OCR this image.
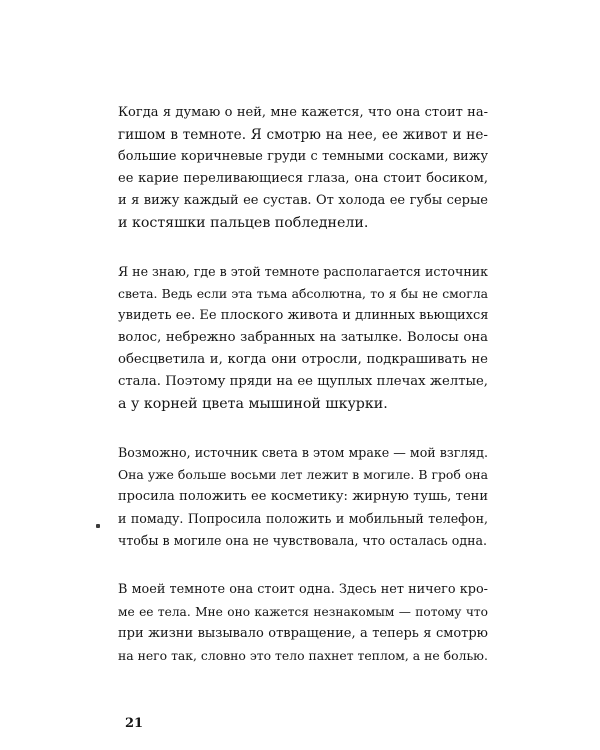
Когда я думаю о ней, мне кажется, что она стоит на-
гишом в темноте. Я смотрю на нее, ее живот и не-
большие коричневые груди с темными сосками, вижу
ее карие переливающиеся глаза, она стоит босиком,
и я вижу каждый ее сустав. От холода ее губы серые
и костяшки пальцев побледнели.
Я не знаю, где в этой темноте располагается источник
света. Ведь если эта тьма абсолютна, то я бы не смогла
увидеть ее. Ее плоского живота и длинных вьющихся
волос, небрежно забранных на затылке. Волосы она
обесцветила и, когда они отросли, подкрашивать не
стала. Поэтому пряди на ее щуплых плечах желтые,
а у корней цвета мышиной шкурки.
Возможно, источник света в этом мраке — мой взгляд.
Она уже больше восьми лет лежит в могиле. В гроб она
просила положить ее косметику: жирную тушь, тени
и помаду. Попросила положить и мобильный телефон,
чтобы в могиле она не чувствовала, что осталась одна.
В моей темноте она стоит одна. Здесь нет ничего кро-
ме ее тела. Мне оно кажется незнакомым — потому что
при жизни вызывало отвращение, а теперь я смотрю
на него так, словно это тело пахнет теплом, а не болью.
21
